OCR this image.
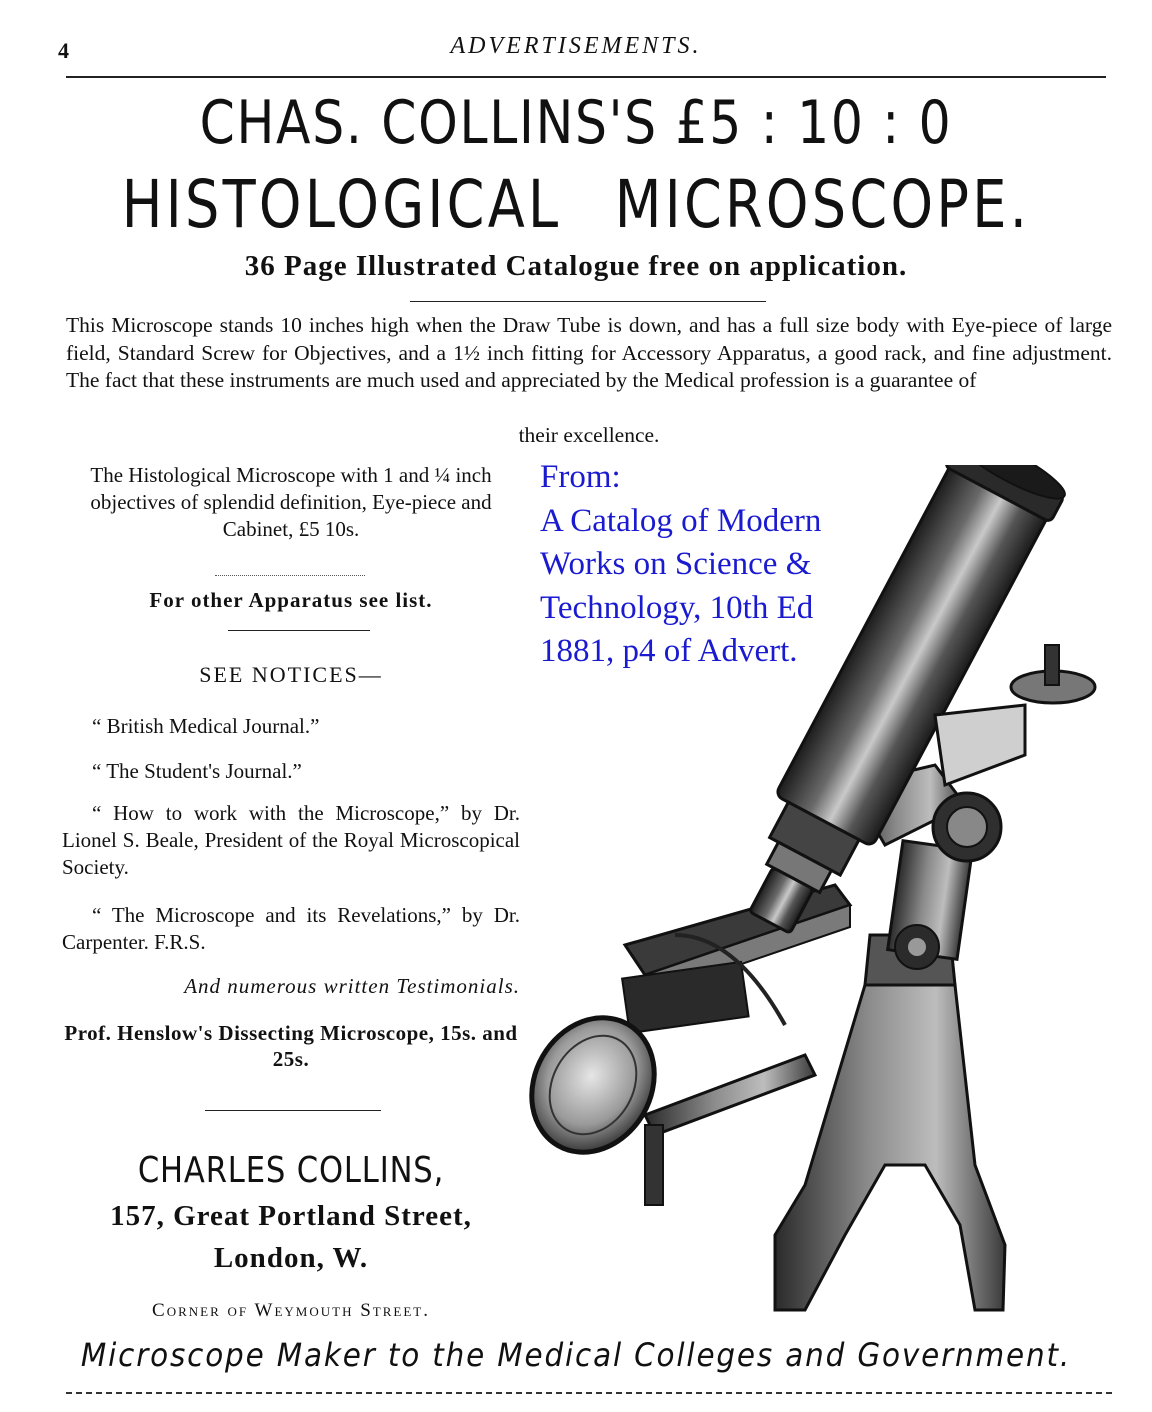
4	ADVERTISEMENTS.
CHAS. COLLINS'S £5 : 10 : 0
HISTOLOGICAL MICROSCOPE.
36 Page Illustrated Catalogue free on application.
This Microscope stands 10 inches high when the Draw Tube is down, and has a full size body with Eye-piece of large field, Standard Screw for Objectives, and a 1½ inch fitting for Accessory Apparatus, a good rack, and fine adjustment. The fact that these instruments are much used and appreciated by the Medical profession is a guarantee of
their excellence.
The Histological Microscope with 1 and ¼ inch objectives of splendid definition, Eye-piece and Cabinet, £5 10s.
For other Apparatus see list.
SEE NOTICES—
“ British Medical Journal.”
“ The Student's Journal.”
“ How to work with the Microscope,” by Dr. Lionel S. Beale, President of the Royal Microscopical Society.
“ The Microscope and its Revelations,” by Dr. Carpenter. F.R.S.
And numerous written Testimonials.
Prof. Henslow's Dissecting Microscope, 15s. and 25s.
CHARLES COLLINS,
157, Great Portland Street,
London, W.
Corner of Weymouth Street.
Microscope Maker to the Medical Colleges and Government.
From:
A Catalog of Modern
Works on Science &
Technology, 10th Ed
1881, p4 of Advert.
